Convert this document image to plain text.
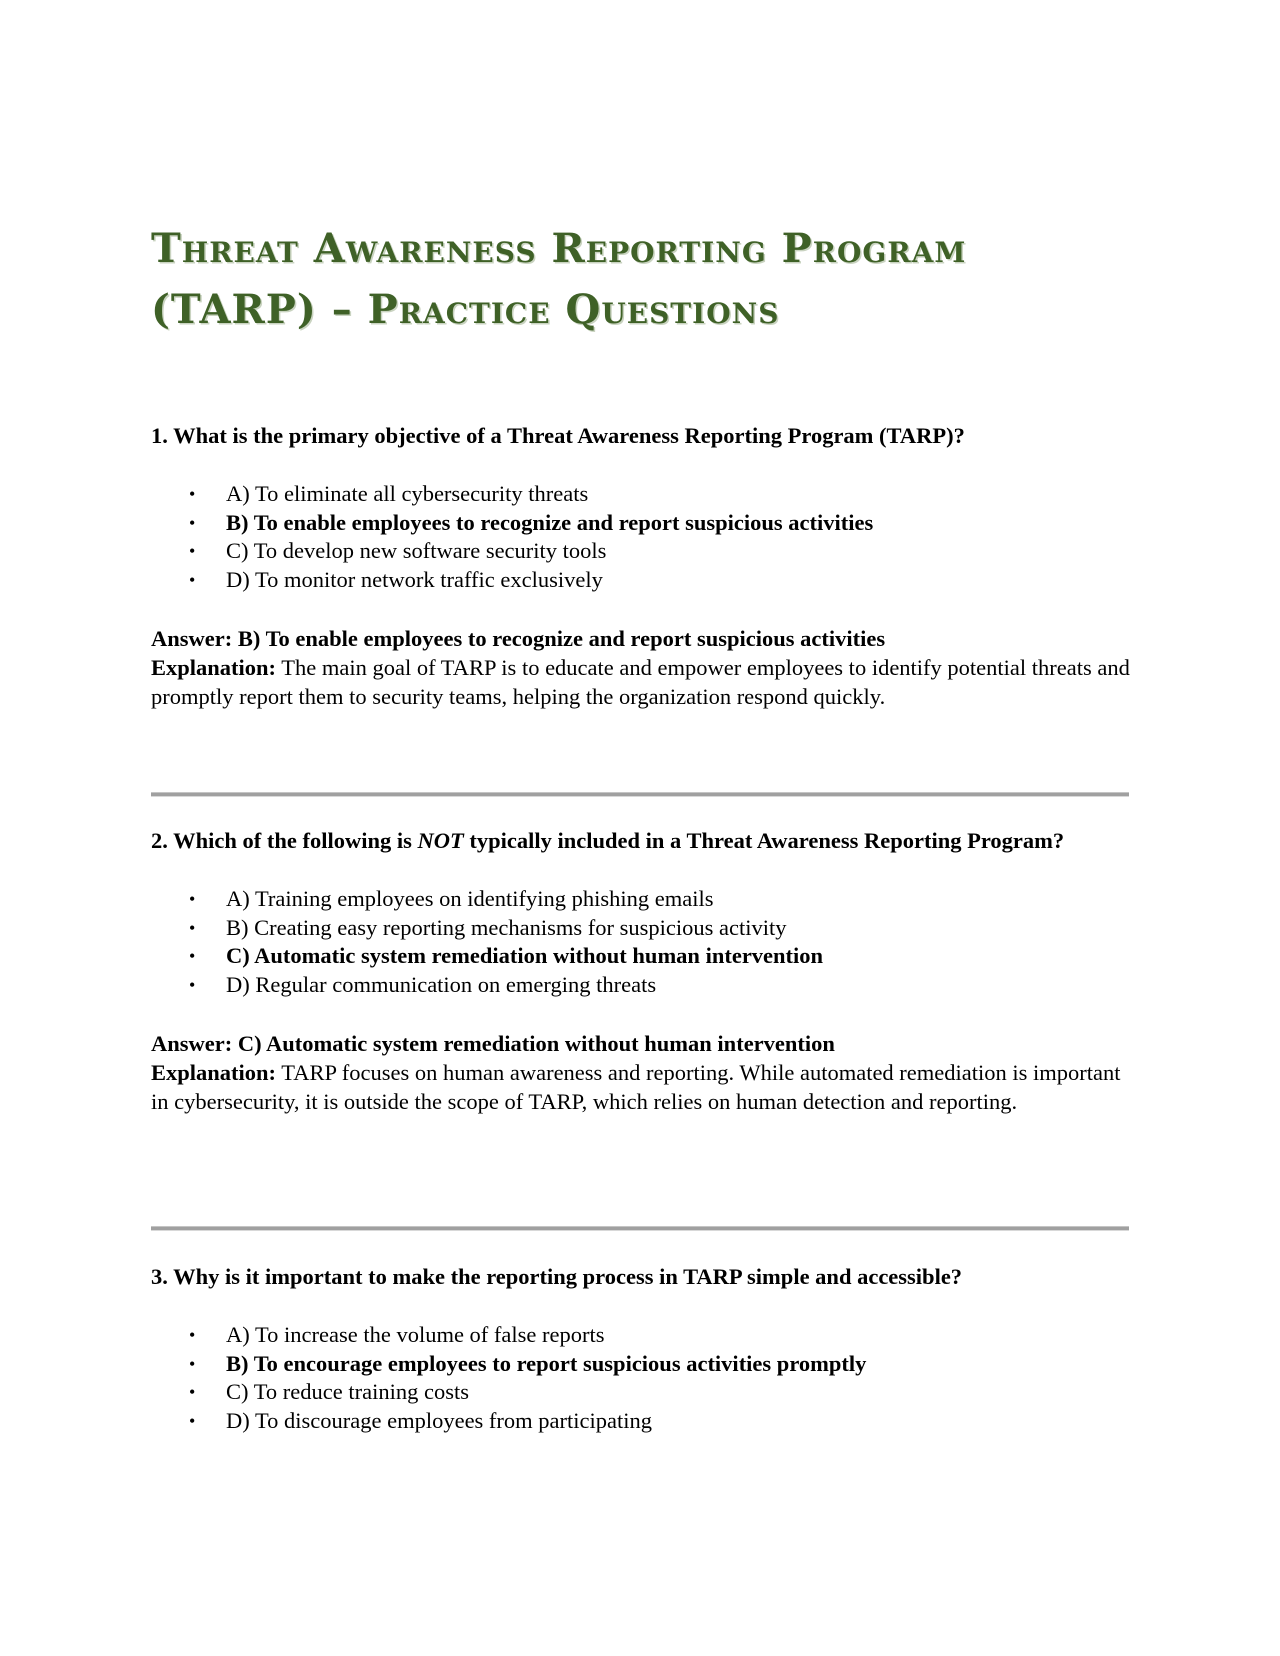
Threat Awareness Reporting Program
(TARP) – Practice Questions

1. What is the primary objective of a Threat Awareness Reporting Program (TARP)?

• A) To eliminate all cybersecurity threats
• B) To enable employees to recognize and report suspicious activities
• C) To develop new software security tools
• D) To monitor network traffic exclusively

Answer: B) To enable employees to recognize and report suspicious activities

Explanation: The main goal of TARP is to educate and empower employees to identify potential threats and promptly report them to security teams, helping the organization respond quickly.

2. Which of the following is NOT typically included in a Threat Awareness Reporting Program?

• A) Training employees on identifying phishing emails
• B) Creating easy reporting mechanisms for suspicious activity
• C) Automatic system remediation without human intervention
• D) Regular communication on emerging threats

Answer: C) Automatic system remediation without human intervention

Explanation: TARP focuses on human awareness and reporting. While automated remediation is important in cybersecurity, it is outside the scope of TARP, which relies on human detection and reporting.

3. Why is it important to make the reporting process in TARP simple and accessible?

• A) To increase the volume of false reports
• B) To encourage employees to report suspicious activities promptly
• C) To reduce training costs
• D) To discourage employees from participating
